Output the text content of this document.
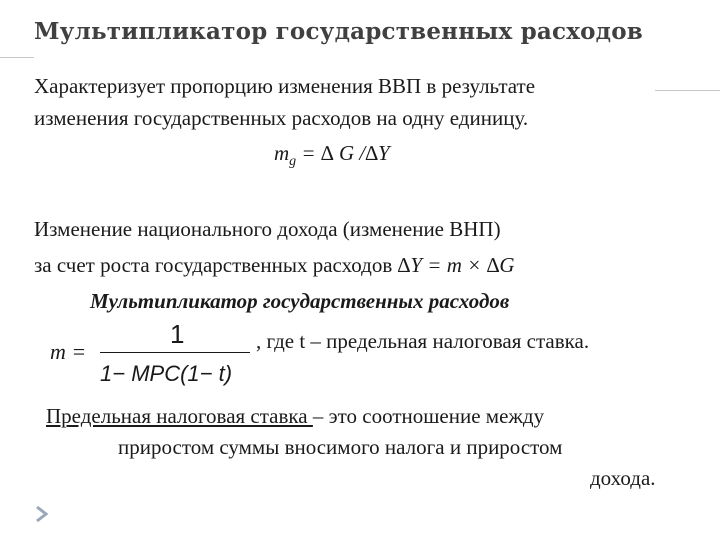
Мультипликатор государственных расходов
Характеризует пропорцию изменения ВВП в результате
изменения государственных расходов на одну единицу.
$m_g$ = ∆ G /∆Y
Изменение национального дохода (изменение ВНП)
за счет роста государственных расходов ∆Y = m × ∆G
Мультипликатор государственных расходов
m =
1
1− MPC(1− t)
, где t – предельная налоговая ставка.
Предельная налоговая ставка – это соотношение между
приростом суммы вносимого налога и приростом
дохода.
